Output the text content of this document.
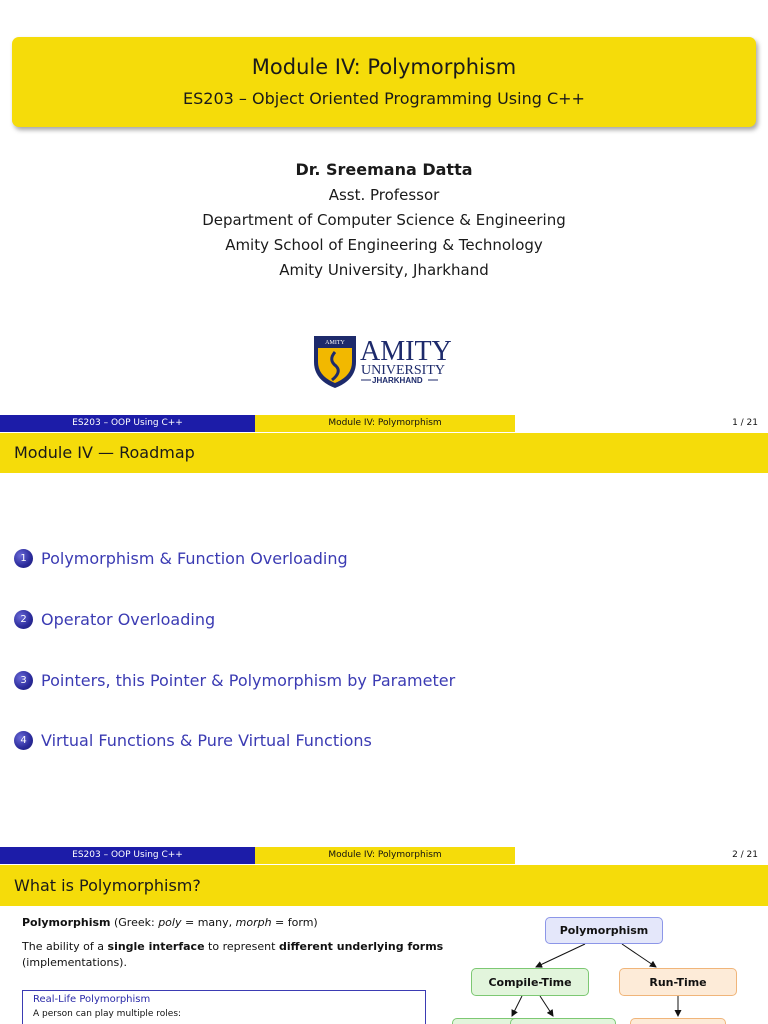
Module IV: Polymorphism
ES203 – Object Oriented Programming Using C++
Dr. Sreemana Datta
Asst. Professor
Department of Computer Science & Engineering
Amity School of Engineering & Technology
Amity University, Jharkhand
AMITY AMITY
UNIVERSITY
JHARKHAND
ES203 – OOP Using C++	Module IV: Polymorphism	1 / 21
Module IV — Roadmap
1 Polymorphism & Function Overloading
2 Operator Overloading
3 Pointers, this Pointer & Polymorphism by Parameter
4 Virtual Functions & Pure Virtual Functions
ES203 – OOP Using C++	Module IV: Polymorphism	2 / 21
What is Polymorphism?
Polymorphism (Greek: poly = many, morph = form)
The ability of a single interface to represent different underlying forms
(implementations).
Real-Life Polymorphism
A person can play multiple roles:
Polymorphism
Compile-Time	Run-Time
